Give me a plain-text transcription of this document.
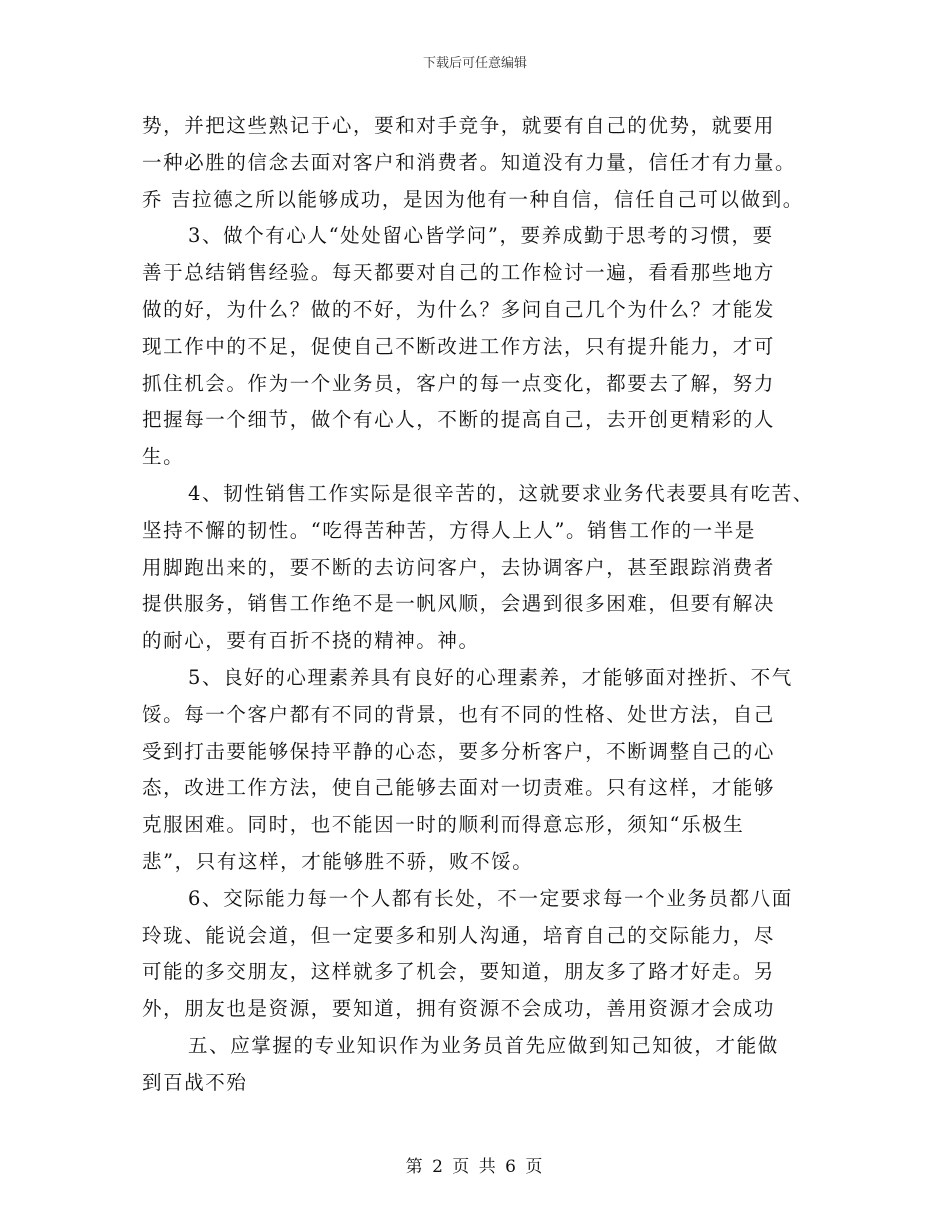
下载后可任意编辑
势，并把这些熟记于心，要和对手竞争，就要有自己的优势，就要用
一种必胜的信念去面对客户和消费者。知道没有力量，信任才有力量。
乔 吉拉德之所以能够成功，是因为他有一种自信，信任自己可以做到。
3、做个有心人“处处留心皆学问”，要养成勤于思考的习惯，要
善于总结销售经验。每天都要对自己的工作检讨一遍，看看那些地方
做的好，为什么？做的不好，为什么？多问自己几个为什么？才能发
现工作中的不足，促使自己不断改进工作方法，只有提升能力，才可
抓住机会。作为一个业务员，客户的每一点变化，都要去了解，努力
把握每一个细节，做个有心人，不断的提高自己，去开创更精彩的人
生。
4、韧性销售工作实际是很辛苦的，这就要求业务代表要具有吃苦、
坚持不懈的韧性。“吃得苦种苦，方得人上人”。销售工作的一半是
用脚跑出来的，要不断的去访问客户，去协调客户，甚至跟踪消费者
提供服务，销售工作绝不是一帆风顺，会遇到很多困难，但要有解决
的耐心，要有百折不挠的精神。神。
5、良好的心理素养具有良好的心理素养，才能够面对挫折、不气
馁。每一个客户都有不同的背景，也有不同的性格、处世方法，自己
受到打击要能够保持平静的心态，要多分析客户，不断调整自己的心
态，改进工作方法，使自己能够去面对一切责难。只有这样，才能够
克服困难。同时，也不能因一时的顺利而得意忘形，须知“乐极生
悲”，只有这样，才能够胜不骄，败不馁。
6、交际能力每一个人都有长处，不一定要求每一个业务员都八面
玲珑、能说会道，但一定要多和别人沟通，培育自己的交际能力，尽
可能的多交朋友，这样就多了机会，要知道，朋友多了路才好走。另
外，朋友也是资源，要知道，拥有资源不会成功，善用资源才会成功
五、应掌握的专业知识作为业务员首先应做到知己知彼，才能做
到百战不殆
第 2 页 共 6 页
